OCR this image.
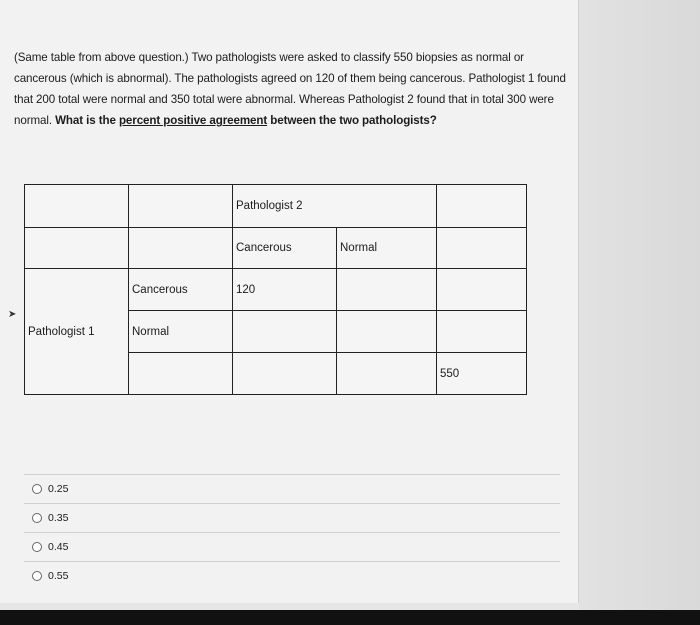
(Same table from above question.) Two pathologists were asked to classify 550 biopsies as normal or cancerous (which is abnormal). The pathologists agreed on 120 of them being cancerous. Pathologist 1 found that 200 total were normal and 350 total were abnormal. Whereas Pathologist 2 found that in total 300 were normal. What is the percent positive agreement between the two pathologists?
➤
		Pathologist 2		
		Cancerous	Normal	
Pathologist 1	Cancerous	120		
	Normal			
				550
0.25
0.35
0.45
0.55
